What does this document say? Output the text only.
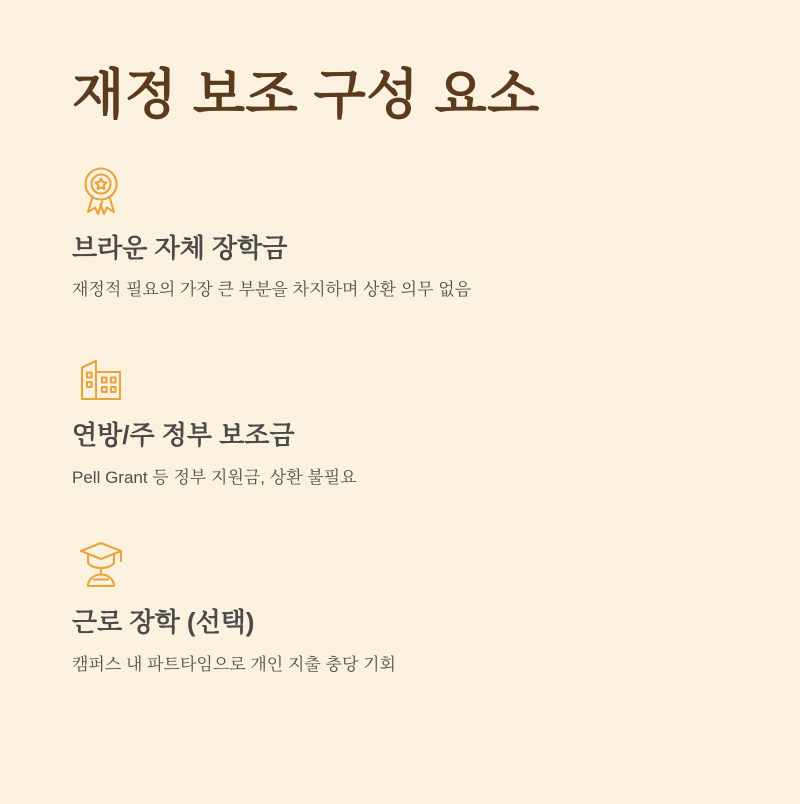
재정 보조 구성 요소
브라운 자체 장학금
재정적 필요의 가장 큰 부분을 차지하며 상환 의무 없음
연방/주 정부 보조금
Pell Grant 등 정부 지원금, 상환 불필요
근로 장학 (선택)
캠퍼스 내 파트타임으로 개인 지출 충당 기회
